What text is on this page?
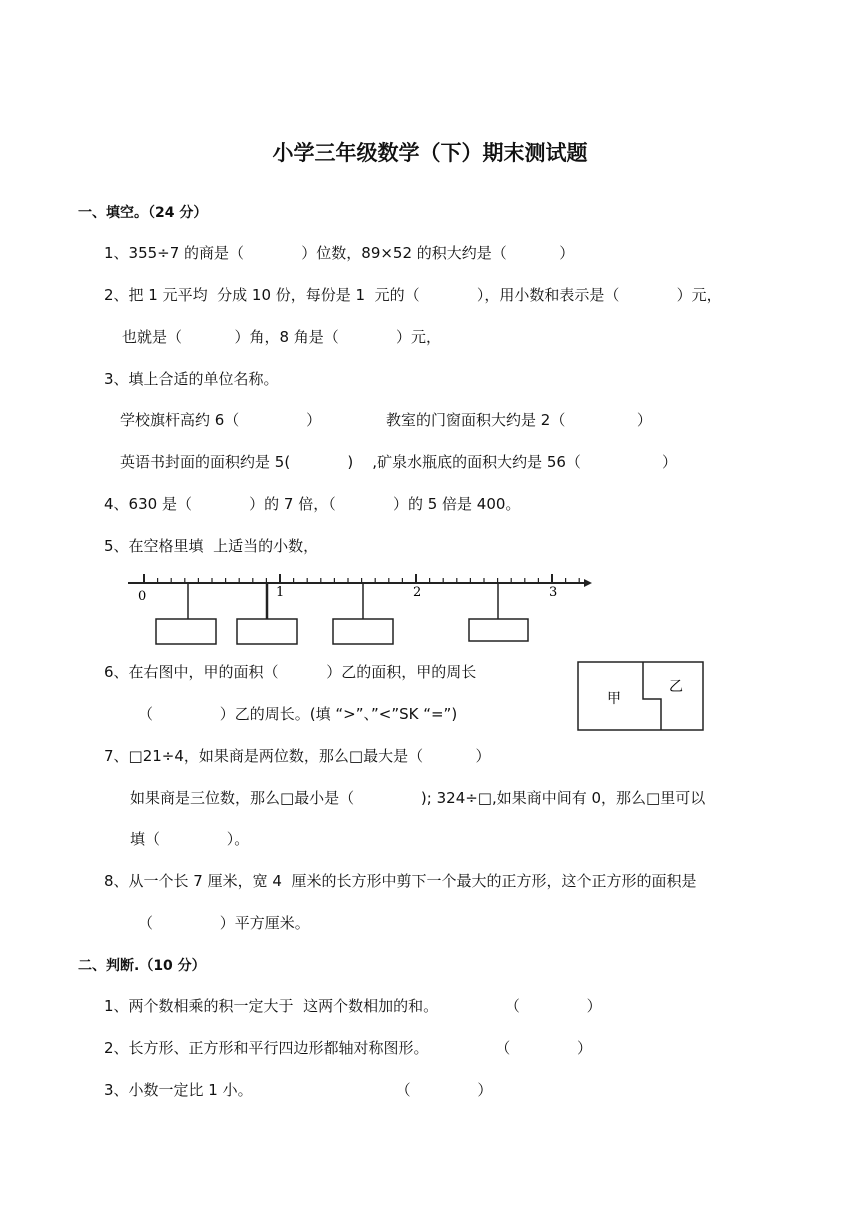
小学三年级数学（下）期末测试题
一、填空。（24 分）
1、355÷7 的商是（            ）位数，89×52 的积大约是（           ）
2、把 1 元平均  分成 10 份，每份是 1  元的（            ），用小数和表示是（            ）元，
也就是（           ）角，8 角是（            ）元，
3、填上合适的单位名称。
学校旗杆高约 6（              ）	教室的门窗面积大约是 2（               ）
英语书封面的面积约是 5(            )    ,矿泉水瓶底的面积大约是 56（                 ）
4、630 是（            ）的 7 倍，（            ）的 5 倍是 400。
5、在空格里填  上适当的小数，
0	1	2	3
6、在右图中，甲的面积（          ）乙的面积，甲的周长
（              ）乙的周长。(填 “>”、”<”SK “=”)
甲
乙
7、□21÷4，如果商是两位数，那么□最大是（           ）
如果商是三位数，那么□最小是（              ); 324÷□,如果商中间有 0，那么□里可以
填（              ）。
8、从一个长 7 厘米，宽 4  厘米的长方形中剪下一个最大的正方形，这个正方形的面积是
（              ）平方厘米。
二、判断.（10 分）
1、两个数相乘的积一定大于  这两个数相加的和。              （              ）
2、长方形、正方形和平行四边形都轴对称图形。              （              ）
3、小数一定比 1 小。                              （              ）
